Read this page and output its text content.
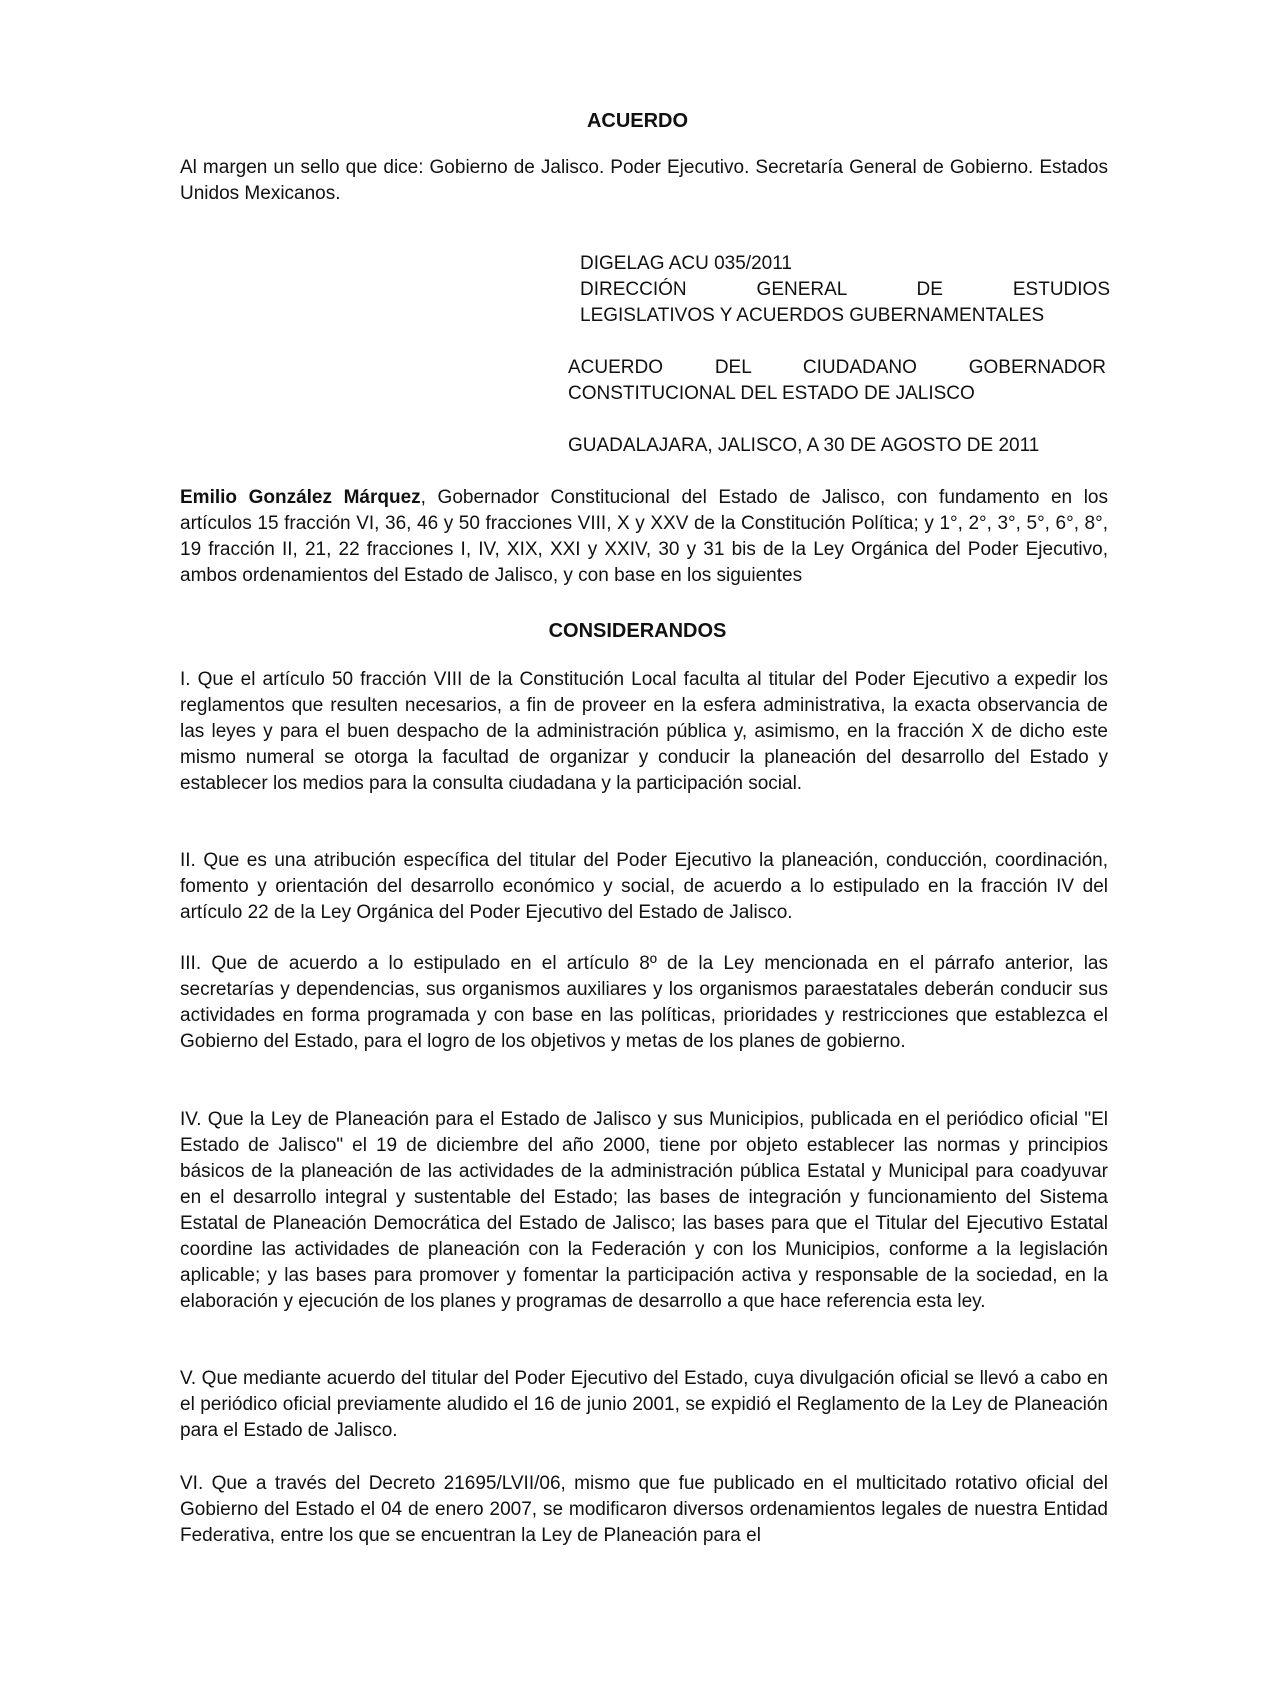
ACUERDO

Al margen un sello que dice: Gobierno de Jalisco. Poder Ejecutivo. Secretaría General de Gobierno. Estados Unidos Mexicanos.

DIGELAG ACU 035/2011
DIRECCIÓN GENERAL DE ESTUDIOS
LEGISLATIVOS Y ACUERDOS GUBERNAMENTALES
ACUERDO DEL CIUDADANO GOBERNADOR
CONSTITUCIONAL DEL ESTADO DE JALISCO
GUADALAJARA, JALISCO, A 30 DE AGOSTO DE 2011

Emilio González Márquez, Gobernador Constitucional del Estado de Jalisco, con fundamento en los artículos 15 fracción VI, 36, 46 y 50 fracciones VIII, X y XXV de la Constitución Política; y 1°, 2°, 3°, 5°, 6°, 8°, 19 fracción II, 21, 22 fracciones I, IV, XIX, XXI y XXIV, 30 y 31 bis de la Ley Orgánica del Poder Ejecutivo, ambos ordenamientos del Estado de Jalisco, y con base en los siguientes

CONSIDERANDOS

I. Que el artículo 50 fracción VIII de la Constitución Local faculta al titular del Poder Ejecutivo a expedir los reglamentos que resulten necesarios, a fin de proveer en la esfera administrativa, la exacta observancia de las leyes y para el buen despacho de la administración pública y, asimismo, en la fracción X de dicho este mismo numeral se otorga la facultad de organizar y conducir la planeación del desarrollo del Estado y establecer los medios para la consulta ciudadana y la participación social.

II. Que es una atribución específica del titular del Poder Ejecutivo la planeación, conducción, coordinación, fomento y orientación del desarrollo económico y social, de acuerdo a lo estipulado en la fracción IV del artículo 22 de la Ley Orgánica del Poder Ejecutivo del Estado de Jalisco.

III. Que de acuerdo a lo estipulado en el artículo 8º de la Ley mencionada en el párrafo anterior, las secretarías y dependencias, sus organismos auxiliares y los organismos paraestatales deberán conducir sus actividades en forma programada y con base en las políticas, prioridades y restricciones que establezca el Gobierno del Estado, para el logro de los objetivos y metas de los planes de gobierno.

IV. Que la Ley de Planeación para el Estado de Jalisco y sus Municipios, publicada en el periódico oficial "El Estado de Jalisco" el 19 de diciembre del año 2000, tiene por objeto establecer las normas y principios básicos de la planeación de las actividades de la administración pública Estatal y Municipal para coadyuvar en el desarrollo integral y sustentable del Estado; las bases de integración y funcionamiento del Sistema Estatal de Planeación Democrática del Estado de Jalisco; las bases para que el Titular del Ejecutivo Estatal coordine las actividades de planeación con la Federación y con los Municipios, conforme a la legislación aplicable; y las bases para promover y fomentar la participación activa y responsable de la sociedad, en la elaboración y ejecución de los planes y programas de desarrollo a que hace referencia esta ley.

V. Que mediante acuerdo del titular del Poder Ejecutivo del Estado, cuya divulgación oficial se llevó a cabo en el periódico oficial previamente aludido el 16 de junio 2001, se expidió el Reglamento de la Ley de Planeación para el Estado de Jalisco.

VI. Que a través del Decreto 21695/LVII/06, mismo que fue publicado en el multicitado rotativo oficial del Gobierno del Estado el 04 de enero 2007, se modificaron diversos ordenamientos legales de nuestra Entidad Federativa, entre los que se encuentran la Ley de Planeación para el
